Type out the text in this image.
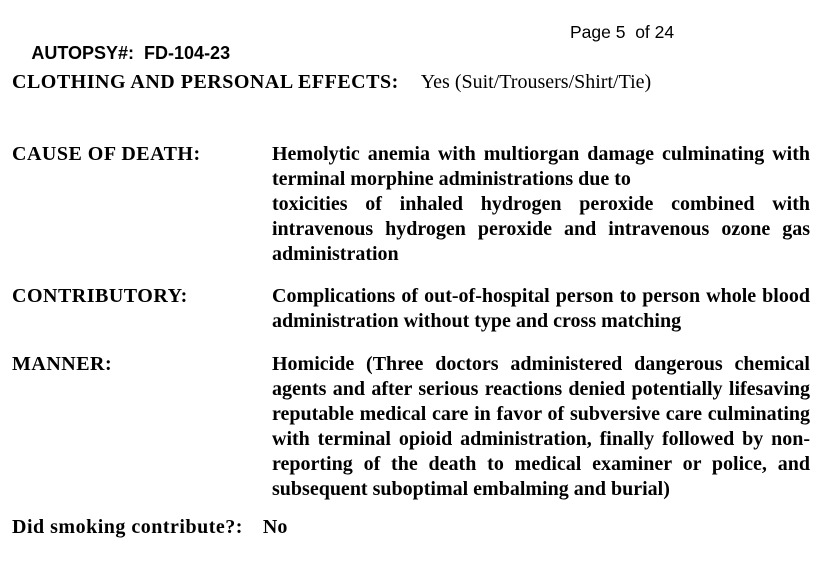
AUTOPSY#: FD-104-23

Page 5  of 24
CLOTHING AND PERSONAL EFFECTS: Yes (Suit/Trousers/Shirt/Tie)
CAUSE OF DEATH:	Hemolytic anemia with multiorgan damage culminating with
terminal morphine administrations due to
toxicities of inhaled hydrogen peroxide combined with
intravenous hydrogen peroxide and intravenous ozone gas
administration
CONTRIBUTORY:	Complications of out-of-hospital person to person whole blood
administration without type and cross matching
MANNER:	Homicide (Three doctors administered dangerous chemical
agents and after serious reactions denied potentially lifesaving
reputable medical care in favor of subversive care culminating
with terminal opioid administration, finally followed by non-
reporting of the death to medical examiner or police, and
subsequent suboptimal embalming and burial)
Did smoking contribute?: No
